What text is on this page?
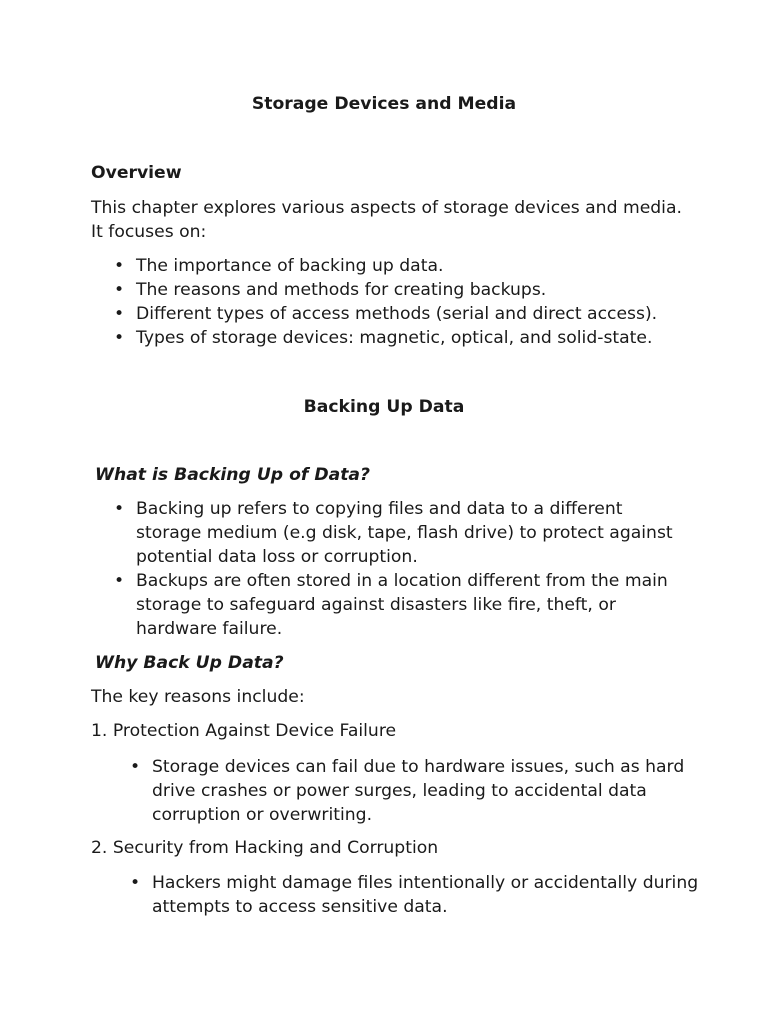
Storage Devices and Media
Overview
This chapter explores various aspects of storage devices and media.
It focuses on:
• The importance of backing up data.
• The reasons and methods for creating backups.
• Different types of access methods (serial and direct access).
• Types of storage devices: magnetic, optical, and solid-state.
Backing Up Data
What is Backing Up of Data?
• Backing up refers to copying files and data to a different storage medium (e.g disk, tape, flash drive) to protect against potential data loss or corruption.
• Backups are often stored in a location different from the main storage to safeguard against disasters like fire, theft, or hardware failure.
Why Back Up Data?
The key reasons include:
1. Protection Against Device Failure
• Storage devices can fail due to hardware issues, such as hard drive crashes or power surges, leading to accidental data corruption or overwriting.
2. Security from Hacking and Corruption
• Hackers might damage files intentionally or accidentally during attempts to access sensitive data.
